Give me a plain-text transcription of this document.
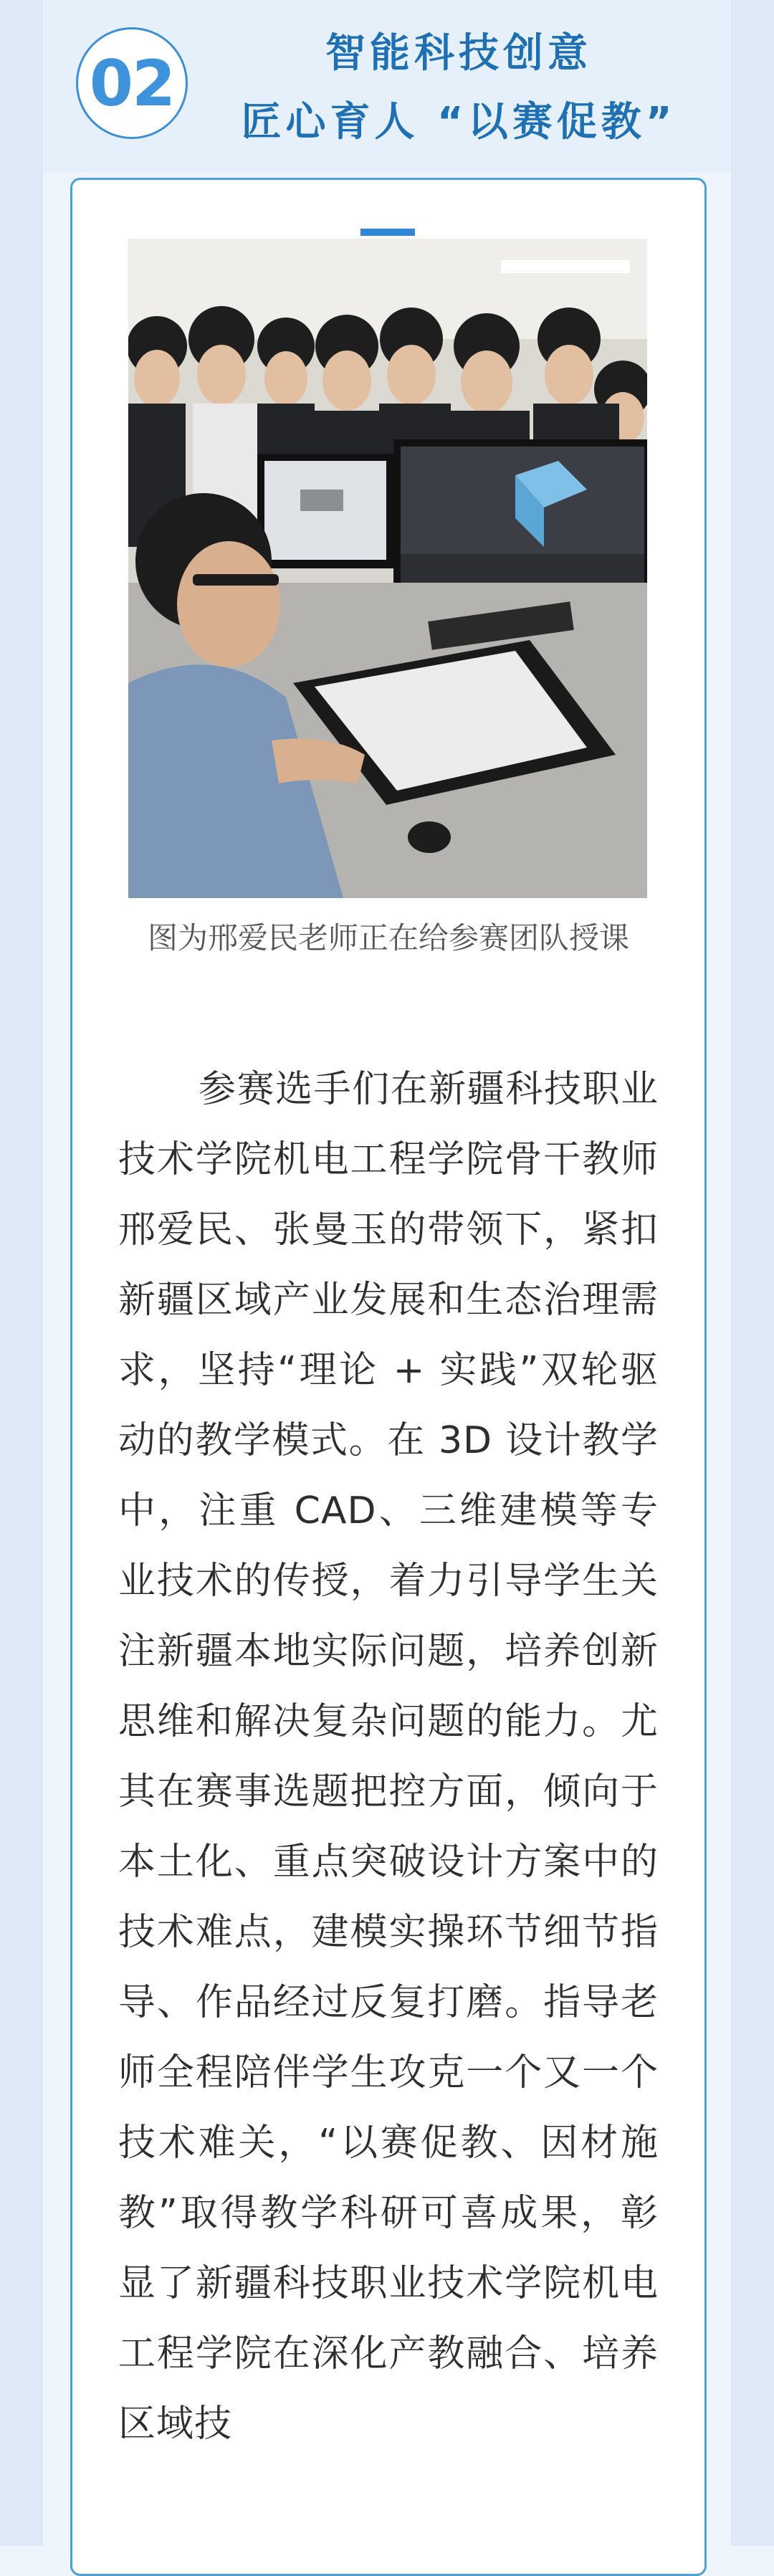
02	智能科技创意
匠心育人 “以赛促教”
图为邢爱民老师正在给参赛团队授课
参赛选手们在新疆科技职业技术学院机电工程学院骨干教师邢爱民、张曼玉的带领下，紧扣新疆区域产业发展和生态治理需求，坚持“理论 + 实践”双轮驱动的教学模式。在 3D 设计教学中，注重 CAD、三维建模等专业技术的传授，着力引导学生关注新疆本地实际问题，培养创新思维和解决复杂问题的能力。尤其在赛事选题把控方面，倾向于本土化、重点突破设计方案中的技术难点，建模实操环节细节指导、作品经过反复打磨。指导老师全程陪伴学生攻克一个又一个技术难关，“以赛促教、因材施教”取得教学科研可喜成果，彰显了新疆科技职业技术学院机电工程学院在深化产教融合、培养区域技
